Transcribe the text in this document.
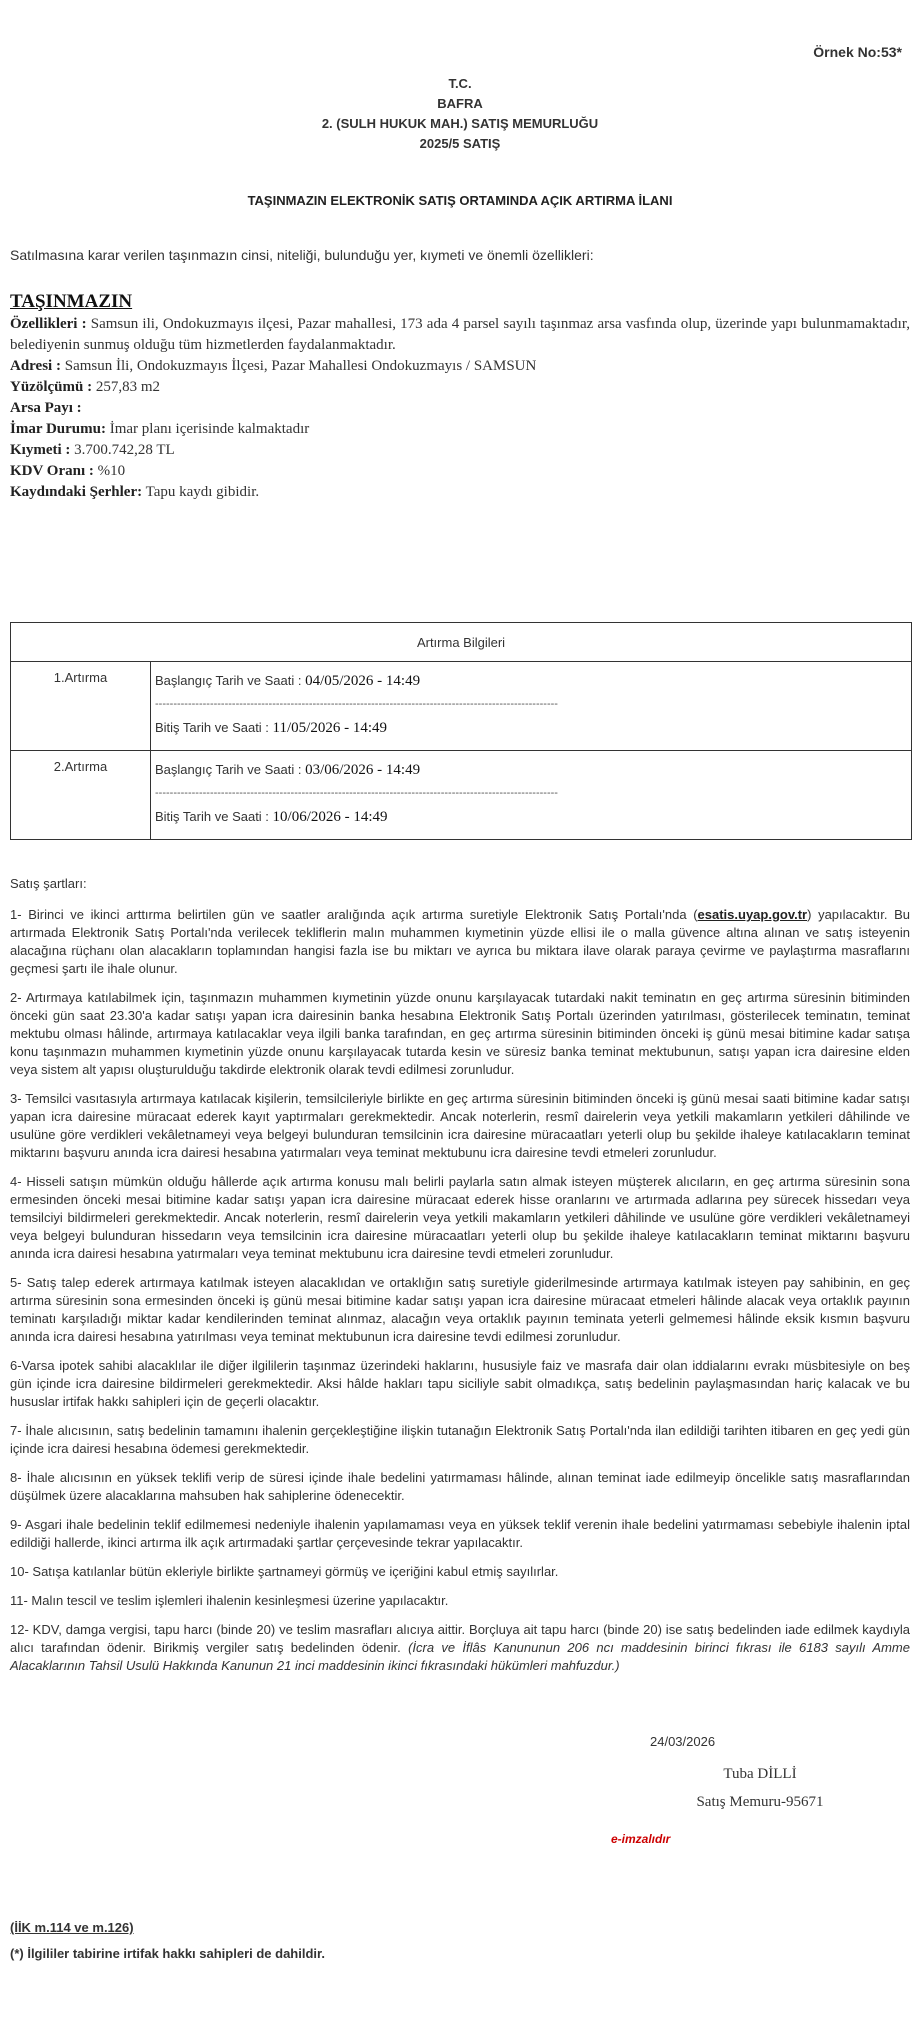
Örnek No:53*
T.C.
BAFRA
2. (SULH HUKUK MAH.) SATIŞ MEMURLUĞU
2025/5 SATIŞ
TAŞINMAZIN ELEKTRONİK SATIŞ ORTAMINDA AÇIK ARTIRMA İLANI
Satılmasına karar verilen taşınmazın cinsi, niteliği, bulunduğu yer, kıymeti ve önemli özellikleri:
TAŞINMAZIN
Özellikleri : Samsun ili, Ondokuzmayıs ilçesi, Pazar mahallesi, 173 ada 4 parsel sayılı taşınmaz arsa vasfında olup, üzerinde yapı bulunmamaktadır, belediyenin sunmuş olduğu tüm hizmetlerden faydalanmaktadır.
Adresi : Samsun İli, Ondokuzmayıs İlçesi, Pazar Mahallesi Ondokuzmayıs / SAMSUN
Yüzölçümü : 257,83 m2
Arsa Payı :
İmar Durumu: İmar planı içerisinde kalmaktadır
Kıymeti : 3.700.742,28 TL
KDV Oranı : %10
Kaydındaki Şerhler: Tapu kaydı gibidir.
Artırma Bilgileri	
1.Artırma	Başlangıç Tarih ve Saati : 04/05/2026 - 14:49
--------------------------------------------------------------------------------------------------------------
Bitiş Tarih ve Saati : 11/05/2026 - 14:49

2.Artırma	Başlangıç Tarih ve Saati : 03/06/2026 - 14:49
--------------------------------------------------------------------------------------------------------------
Bitiş Tarih ve Saati : 10/06/2026 - 14:49

Satış şartları:

1- Birinci ve ikinci arttırma belirtilen gün ve saatler aralığında açık artırma suretiyle Elektronik Satış Portalı'nda (esatis.uyap.gov.tr) yapılacaktır. Bu artırmada Elektronik Satış Portalı'nda verilecek tekliflerin malın muhammen kıymetinin yüzde ellisi ile o malla güvence altına alınan ve satış isteyenin alacağına rüçhanı olan alacakların toplamından hangisi fazla ise bu miktarı ve ayrıca bu miktara ilave olarak paraya çevirme ve paylaştırma masraflarını geçmesi şartı ile ihale olunur.

2- Artırmaya katılabilmek için, taşınmazın muhammen kıymetinin yüzde onunu karşılayacak tutardaki nakit teminatın en geç artırma süresinin bitiminden önceki gün saat 23.30'a kadar satışı yapan icra dairesinin banka hesabına Elektronik Satış Portalı üzerinden yatırılması, gösterilecek teminatın, teminat mektubu olması hâlinde, artırmaya katılacaklar veya ilgili banka tarafından, en geç artırma süresinin bitiminden önceki iş günü mesai bitimine kadar satışa konu taşınmazın muhammen kıymetinin yüzde onunu karşılayacak tutarda kesin ve süresiz banka teminat mektubunun, satışı yapan icra dairesine elden veya sistem alt yapısı oluşturulduğu takdirde elektronik olarak tevdi edilmesi zorunludur.

3- Temsilci vasıtasıyla artırmaya katılacak kişilerin, temsilcileriyle birlikte en geç artırma süresinin bitiminden önceki iş günü mesai saati bitimine kadar satışı yapan icra dairesine müracaat ederek kayıt yaptırmaları gerekmektedir. Ancak noterlerin, resmî dairelerin veya yetkili makamların yetkileri dâhilinde ve usulüne göre verdikleri vekâletnameyi veya belgeyi bulunduran temsilcinin icra dairesine müracaatları yeterli olup bu şekilde ihaleye katılacakların teminat miktarını başvuru anında icra dairesi hesabına yatırmaları veya teminat mektubunu icra dairesine tevdi etmeleri zorunludur.

4- Hisseli satışın mümkün olduğu hâllerde açık artırma konusu malı belirli paylarla satın almak isteyen müşterek alıcıların, en geç artırma süresinin sona ermesinden önceki mesai bitimine kadar satışı yapan icra dairesine müracaat ederek hisse oranlarını ve artırmada adlarına pey sürecek hissedarı veya temsilciyi bildirmeleri gerekmektedir. Ancak noterlerin, resmî dairelerin veya yetkili makamların yetkileri dâhilinde ve usulüne göre verdikleri vekâletnameyi veya belgeyi bulunduran hissedarın veya temsilcinin icra dairesine müracaatları yeterli olup bu şekilde ihaleye katılacakların teminat miktarını başvuru anında icra dairesi hesabına yatırmaları veya teminat mektubunu icra dairesine tevdi etmeleri zorunludur.

5- Satış talep ederek artırmaya katılmak isteyen alacaklıdan ve ortaklığın satış suretiyle giderilmesinde artırmaya katılmak isteyen pay sahibinin, en geç artırma süresinin sona ermesinden önceki iş günü mesai bitimine kadar satışı yapan icra dairesine müracaat etmeleri hâlinde alacak veya ortaklık payının teminatı karşıladığı miktar kadar kendilerinden teminat alınmaz, alacağın veya ortaklık payının teminata yeterli gelmemesi hâlinde eksik kısmın başvuru anında icra dairesi hesabına yatırılması veya teminat mektubunun icra dairesine tevdi edilmesi zorunludur.

6-Varsa ipotek sahibi alacaklılar ile diğer ilgililerin taşınmaz üzerindeki haklarını, hususiyle faiz ve masrafa dair olan iddialarını evrakı müsbitesiyle on beş gün içinde icra dairesine bildirmeleri gerekmektedir. Aksi hâlde hakları tapu siciliyle sabit olmadıkça, satış bedelinin paylaşmasından hariç kalacak ve bu hususlar irtifak hakkı sahipleri için de geçerli olacaktır.

7- İhale alıcısının, satış bedelinin tamamını ihalenin gerçekleştiğine ilişkin tutanağın Elektronik Satış Portalı'nda ilan edildiği tarihten itibaren en geç yedi gün içinde icra dairesi hesabına ödemesi gerekmektedir.

8- İhale alıcısının en yüksek teklifi verip de süresi içinde ihale bedelini yatırmaması hâlinde, alınan teminat iade edilmeyip öncelikle satış masraflarından düşülmek üzere alacaklarına mahsuben hak sahiplerine ödenecektir.

9- Asgari ihale bedelinin teklif edilmemesi nedeniyle ihalenin yapılamaması veya en yüksek teklif verenin ihale bedelini yatırmaması sebebiyle ihalenin iptal edildiği hallerde, ikinci artırma ilk açık artırmadaki şartlar çerçevesinde tekrar yapılacaktır.

10- Satışa katılanlar bütün ekleriyle birlikte şartnameyi görmüş ve içeriğini kabul etmiş sayılırlar.

11- Malın tescil ve teslim işlemleri ihalenin kesinleşmesi üzerine yapılacaktır.

12- KDV, damga vergisi, tapu harcı (binde 20) ve teslim masrafları alıcıya aittir. Borçluya ait tapu harcı (binde 20) ise satış bedelinden iade edilmek kaydıyla alıcı tarafından ödenir. Birikmiş vergiler satış bedelinden ödenir. (İcra ve İflâs Kanununun 206 ncı maddesinin birinci fıkrası ile 6183 sayılı Amme Alacaklarının Tahsil Usulü Hakkında Kanunun 21 inci maddesinin ikinci fıkrasındaki hükümleri mahfuzdur.)

24/03/2026
Tuba DİLLİ
Satış Memuru-95671
e-imzalıdır
(İİK m.114 ve m.126)
(*) İlgililer tabirine irtifak hakkı sahipleri de dahildir.
